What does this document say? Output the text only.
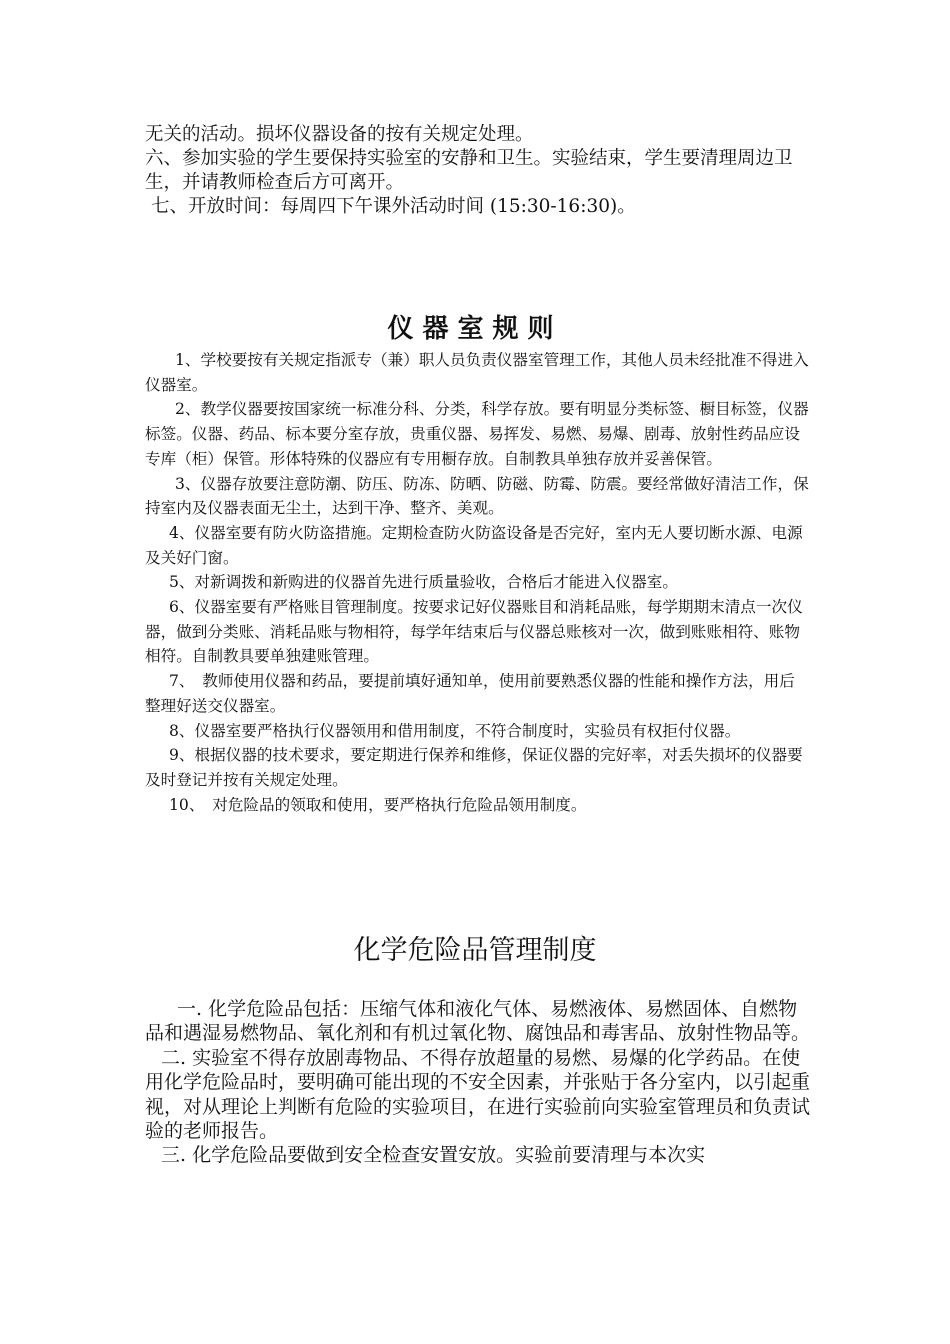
无关的活动。损坏仪器设备的按有关规定处理。

六、参加实验的学生要保持实验室的安静和卫生。实验结束，学生要清理周边卫生，并请教师检查后方可离开。

七、开放时间：每周四下午课外活动时间 (15:30-16:30)。

仪器室规则

1、学校要按有关规定指派专（兼）职人员负责仪器室管理工作，其他人员未经批准不得进入仪器室。

2、教学仪器要按国家统一标准分科、分类，科学存放。要有明显分类标签、橱目标签，仪器标签。仪器、药品、标本要分室存放，贵重仪器、易挥发、易燃、易爆、剧毒、放射性药品应设专库（柜）保管。形体特殊的仪器应有专用橱存放。自制教具单独存放并妥善保管。

3、仪器存放要注意防潮、防压、防冻、防晒、防磁、防霉、防震。要经常做好清洁工作，保持室内及仪器表面无尘土，达到干净、整齐、美观。

4、仪器室要有防火防盗措施。定期检查防火防盗设备是否完好，室内无人要切断水源、电源及关好门窗。

5、对新调拨和新购进的仪器首先进行质量验收，合格后才能进入仪器室。

6、仪器室要有严格账目管理制度。按要求记好仪器账目和消耗品账，每学期期末清点一次仪器，做到分类账、消耗品账与物相符，每学年结束后与仪器总账核对一次，做到账账相符、账物相符。自制教具要单独建账管理。

7、　教师使用仪器和药品，要提前填好通知单，使用前要熟悉仪器的性能和操作方法，用后整理好送交仪器室。

8、仪器室要严格执行仪器领用和借用制度，不符合制度时，实验员有权拒付仪器。

9、根据仪器的技术要求，要定期进行保养和维修，保证仪器的完好率，对丢失损坏的仪器要及时登记并按有关规定处理。

10、　对危险品的领取和使用，要严格执行危险品领用制度。

化学危险品管理制度

一. 化学危险品包括：压缩气体和液化气体、易燃液体、易燃固体、自燃物品和遇湿易燃物品、氧化剂和有机过氧化物、腐蚀品和毒害品、放射性物品等。

二. 实验室不得存放剧毒物品、不得存放超量的易燃、易爆的化学药品。在使用化学危险品时，要明确可能出现的不安全因素，并张贴于各分室内，以引起重视，对从理论上判断有危险的实验项目，在进行实验前向实验室管理员和负责试验的老师报告。

三. 化学危险品要做到安全检查安置安放。实验前要清理与本次实
